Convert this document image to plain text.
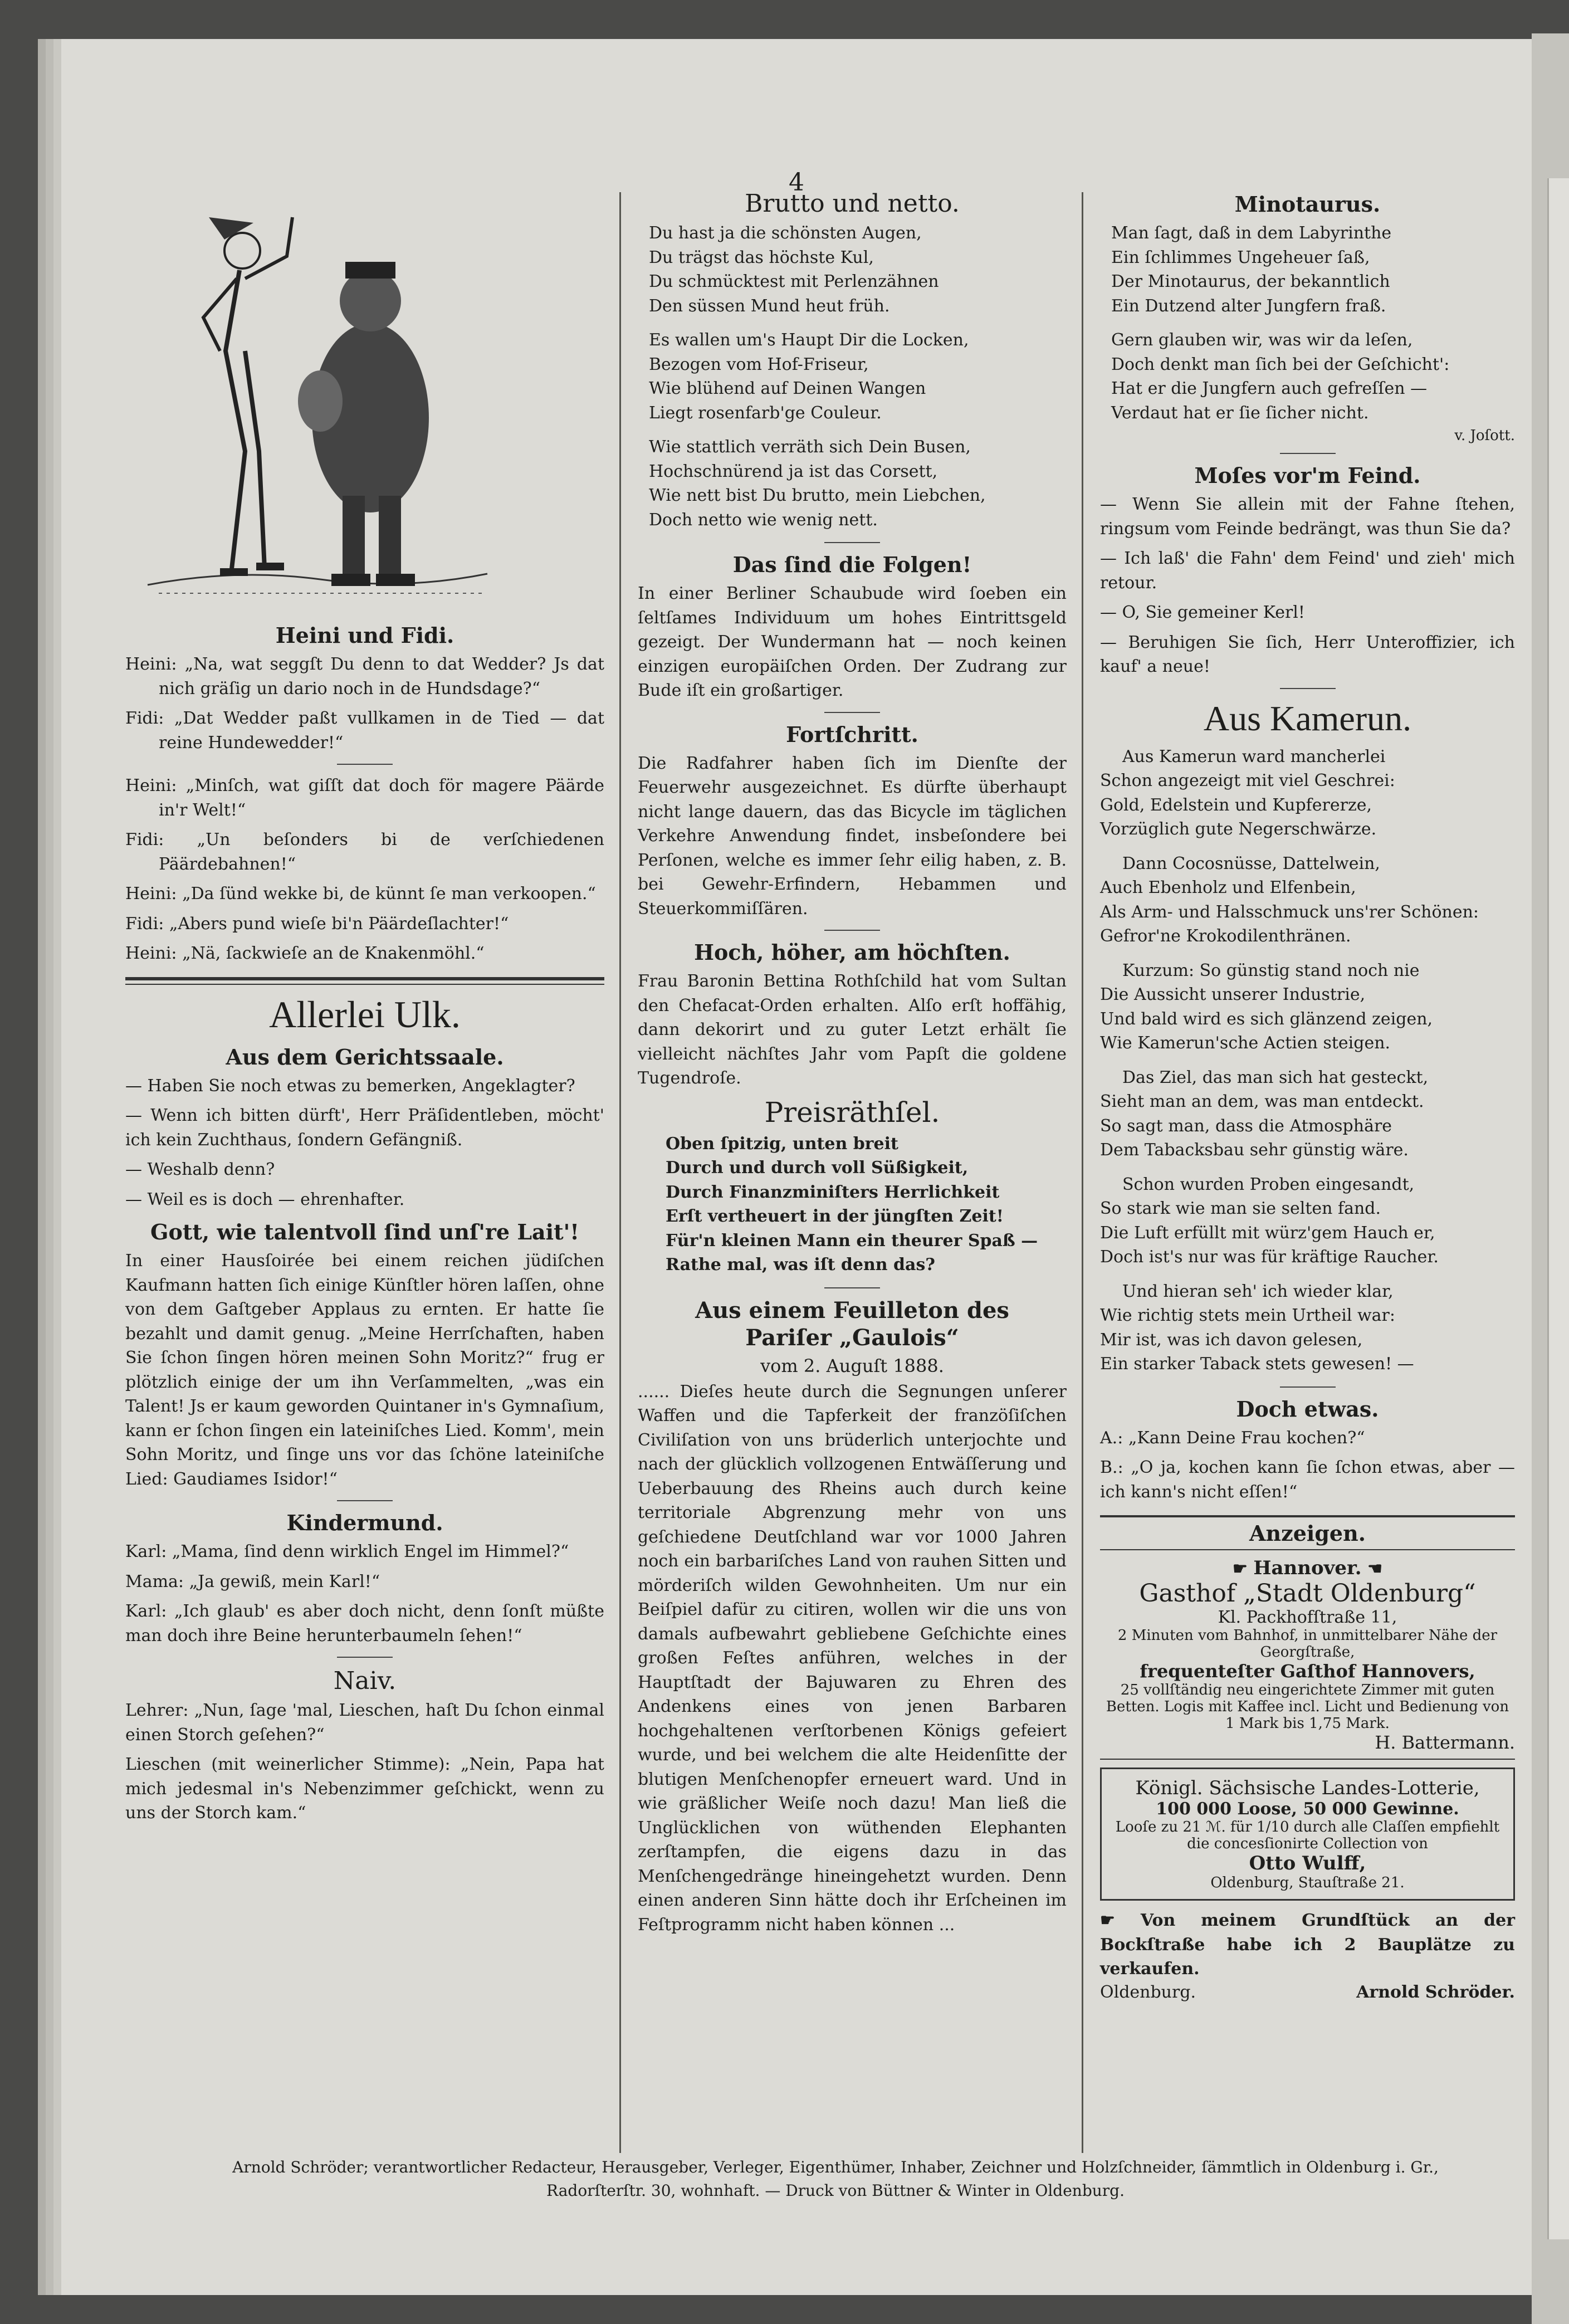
4
Heini und Fidi.

Heini: „Na, wat seggſt Du denn to dat Wedder? Js dat nich gräſig un dario noch in de Hundsdage?“

Fidi: „Dat Wedder paßt vullkamen in de Tied — dat reine Hundewedder!“

Heini: „Minſch, wat giſſt dat doch för magere Päärde in'r Welt!“

Fidi: „Un beſonders bi de verſchiedenen Päärdebahnen!“

Heini: „Da ſünd wekke bi, de künnt ſe man verkoopen.“

Fidi: „Abers pund wieſe bi'n Päärdeſlachter!“

Heini: „Nä, ſackwieſe an de Knakenmöhl.“

Allerlei Ulk.
Aus dem Gerichtssaale.

— Haben Sie noch etwas zu bemerken, Angeklagter?

— Wenn ich bitten dürft', Herr Präſidentleben, möcht' ich kein Zuchthaus, ſondern Gefängniß.

— Weshalb denn?

— Weil es is doch — ehrenhafter.

Gott, wie talentvoll ſind unſ're Lait'!

In einer Hausſoirée bei einem reichen jüdiſchen Kaufmann hatten ſich einige Künſtler hören laſſen, ohne von dem Gaſtgeber Applaus zu ernten. Er hatte ſie bezahlt und damit genug. „Meine Herrſchaften, haben Sie ſchon ſingen hören meinen Sohn Moritz?“ frug er plötzlich einige der um ihn Verſammelten, „was ein Talent! Js er kaum geworden Quintaner in's Gymnaſium, kann er ſchon ſingen ein lateiniſches Lied. Komm', mein Sohn Moritz, und ſinge uns vor das ſchöne lateiniſche Lied: Gaudiames Isidor!“

Kindermund.

Karl: „Mama, ſind denn wirklich Engel im Himmel?“

Mama: „Ja gewiß, mein Karl!“

Karl: „Ich glaub' es aber doch nicht, denn ſonſt müßte man doch ihre Beine herunterbaumeln ſehen!“

Naiv.

Lehrer: „Nun, ſage 'mal, Lieschen, haſt Du ſchon einmal einen Storch geſehen?“

Lieschen (mit weinerlicher Stimme): „Nein, Papa hat mich jedesmal in's Nebenzimmer geſchickt, wenn zu uns der Storch kam.“

Brutto und netto.
Du hast ja die schönsten Augen,
Du trägst das höchste Kul,
Du schmücktest mit Perlenzähnen
Den süssen Mund heut früh.
Es wallen um's Haupt Dir die Locken,
Bezogen vom Hof-Friseur,
Wie blühend auf Deinen Wangen
Liegt rosenfarb'ge Couleur.
Wie stattlich verräth sich Dein Busen,
Hochschnürend ja ist das Corsett,
Wie nett bist Du brutto, mein Liebchen,
Doch netto wie wenig nett.
Das ſind die Folgen!

In einer Berliner Schaubude wird ſoeben ein ſeltſames Individuum um hohes Eintrittsgeld gezeigt. Der Wundermann hat — noch keinen einzigen europäiſchen Orden. Der Zudrang zur Bude iſt ein großartiger.

Fortſchritt.

Die Radfahrer haben ſich im Dienſte der Feuerwehr ausgezeichnet. Es dürfte überhaupt nicht lange dauern, das das Bicycle im täglichen Verkehre Anwendung findet, insbeſondere bei Perſonen, welche es immer ſehr eilig haben, z. B. bei Gewehr-Erfindern, Hebammen und Steuerkommiſſären.

Hoch, höher, am höchſten.

Frau Baronin Bettina Rothſchild hat vom Sultan den Chefacat-Orden erhalten. Alſo erſt hoffähig, dann dekorirt und zu guter Letzt erhält ſie vielleicht nächſtes Jahr vom Papſt die goldene Tugendroſe.

Preisräthſel.
Oben ſpitzig, unten breit
Durch und durch voll Süßigkeit,
Durch Finanzminiſters Herrlichkeit
Erſt vertheuert in der jüngſten Zeit!
Für'n kleinen Mann ein theurer Spaß —
Rathe mal, was iſt denn das?
Aus einem Feuilleton des
Pariſer „Gaulois“
vom 2. Auguſt 1888.

...... Dieſes heute durch die Segnungen unſerer Waffen und die Tapferkeit der franzöſiſchen Civiliſation von uns brüderlich unterjochte und nach der glücklich vollzogenen Entwäſſerung und Ueberbauung des Rheins auch durch keine territoriale Abgrenzung mehr von uns geſchiedene Deutſchland war vor 1000 Jahren noch ein barbariſches Land von rauhen Sitten und mörderiſch wilden Gewohnheiten. Um nur ein Beiſpiel dafür zu citiren, wollen wir die uns von damals aufbewahrt gebliebene Geſchichte eines großen Feſtes anführen, welches in der Hauptſtadt der Bajuwaren zu Ehren des Andenkens eines von jenen Barbaren hochgehaltenen verſtorbenen Königs gefeiert wurde, und bei welchem die alte Heidenſitte der blutigen Menſchenopfer erneuert ward. Und in wie gräßlicher Weiſe noch dazu! Man ließ die Unglücklichen von wüthenden Elephanten zerſtampfen, die eigens dazu in das Menſchengedränge hineingehetzt wurden. Denn einen anderen Sinn hätte doch ihr Erſcheinen im Feſtprogramm nicht haben können ...

Minotaurus.
Man ſagt, daß in dem Labyrinthe
Ein ſchlimmes Ungeheuer ſaß,
Der Minotaurus, der bekanntlich
Ein Dutzend alter Jungfern fraß.
Gern glauben wir, was wir da leſen,
Doch denkt man ſich bei der Geſchicht':
Hat er die Jungfern auch gefreſſen —
Verdaut hat er ſie ſicher nicht.
v. Joſott.
Moſes vor'm Feind.

— Wenn Sie allein mit der Fahne ſtehen, ringsum vom Feinde bedrängt, was thun Sie da?

— Ich laß' die Fahn' dem Feind' und zieh' mich retour.

— O, Sie gemeiner Kerl!

— Beruhigen Sie ſich, Herr Unteroffizier, ich kauf' a neue!

Aus Kamerun.
Aus Kamerun ward mancherlei
Schon angezeigt mit viel Geschrei:
Gold, Edelstein und Kupfererze,
Vorzüglich gute Negerschwärze.
Dann Cocosnüsse, Dattelwein,
Auch Ebenholz und Elfenbein,
Als Arm- und Halsschmuck uns'rer Schönen:
Gefror'ne Krokodilenthränen.
Kurzum: So günstig stand noch nie
Die Aussicht unserer Industrie,
Und bald wird es sich glänzend zeigen,
Wie Kamerun'sche Actien steigen.
Das Ziel, das man sich hat gesteckt,
Sieht man an dem, was man entdeckt.
So sagt man, dass die Atmosphäre
Dem Tabacksbau sehr günstig wäre.
Schon wurden Proben eingesandt,
So stark wie man sie selten fand.
Die Luft erfüllt mit würz'gem Hauch er,
Doch ist's nur was für kräftige Raucher.
Und hieran seh' ich wieder klar,
Wie richtig stets mein Urtheil war:
Mir ist, was ich davon gelesen,
Ein starker Taback stets gewesen! —
Doch etwas.

A.: „Kann Deine Frau kochen?“

B.: „O ja, kochen kann ſie ſchon etwas, aber — ich kann's nicht eſſen!“

Anzeigen.
☛ Hannover. ☚
Gasthof „Stadt Oldenburg“
Kl. Packhofſtraße 11,
2 Minuten vom Bahnhof, in unmittelbarer Nähe der Georgſtraße,
frequenteſter Gaſthof Hannovers,
25 vollſtändig neu eingerichtete Zimmer mit guten Betten. Logis mit Kaffee incl. Licht und Bedienung von 1 Mark bis 1,75 Mark.
H. Battermann.
Königl. Sächsische Landes-Lotterie,
100 000 Loose, 50 000 Gewinne.
Looſe zu 21 ℳ. für 1/10 durch alle Claſſen empfiehlt die concesſionirte Collection von
Otto Wulff,
Oldenburg, Stauſtraße 21.

☛ Von meinem Grundſtück an der Bockſtraße habe ich 2 Bauplätze zu verkaufen.

Oldenburg.	Arnold Schröder.
Arnold Schröder; verantwortlicher Redacteur, Herausgeber, Verleger, Eigenthümer, Inhaber, Zeichner und Holzſchneider, ſämmtlich in Oldenburg i. Gr., Radorſterſtr. 30, wohnhaft. — Druck von Büttner & Winter in Oldenburg.
